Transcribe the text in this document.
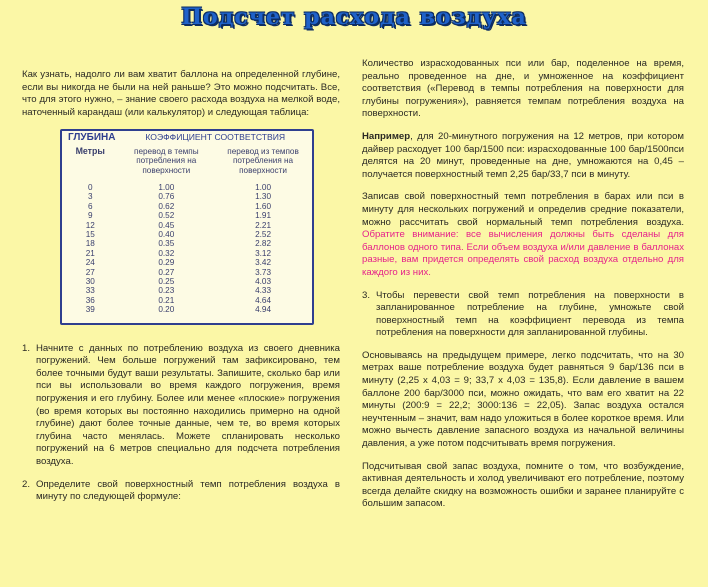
Подсчет расхода воздуха

Как узнать, надолго ли вам хватит баллона на определенной глубине, если вы никогда не были на ней раньше? Это можно подсчитать. Все, что для этого нужно, – знание своего расхода воздуха на мелкой воде, наточенный карандаш (или калькулятор) и следующая таблица:

ГЛУБИНА	КОЭФФИЦИЕНТ СООТВЕТСТВИЯ	
Метры	перевод в темпы потребления на поверхности	перевод из темпов потребления на поверхности
0	1.00	1.00
3	0.76	1.30
6	0.62	1.60
9	0.52	1.91
12	0.45	2.21
15	0.40	2.52
18	0.35	2.82
21	0.32	3.12
24	0.29	3.42
27	0.27	3.73
30	0.25	4.03
33	0.23	4.33
36	0.21	4.64
39	0.20	4.94
1. Начните с данных по потреблению воздуха из своего дневника погружений. Чем больше погружений там зафиксировано, тем более точными будут ваши результаты. Запишите, сколько бар или пси вы использовали во время каждого погружения, время погружения и его глубину. Более или менее «плоские» погружения (во время которых вы постоянно находились примерно на одной глубине) дают более точные данные, чем те, во время которых глубина часто менялась. Можете спланировать несколько погружений на 6 метров специально для подсчета потребления воздуха.
2. Определите свой поверхностный темп потребления воздуха в минуту по следующей формуле:

Количество израсходованных пси или бар, поделенное на время, реально проведенное на дне, и умноженное на коэффициент соответствия («Перевод в темпы потребления на поверхности для глубины погружения»), равняется темпам потребления воздуха на поверхности.

Например, для 20-минутного погружения на 12 метров, при котором дайвер расходует 100 бар/1500 пси: израсходованные 100 бар/1500пси делятся на 20 минут, проведенные на дне, умножаются на 0,45 – получается поверхностный темп 2,25 бар/33,7 пси в минуту.

Записав свой поверхностный темп потребления в барах или пси в минуту для нескольких погружений и определив средние показатели, можно рассчитать свой нормальный темп потребления воздуха. Обратите внимание: все вычисления должны быть сделаны для баллонов одного типа. Если объем воздуха и/или давление в баллонах разные, вам придется определять свой расход воздуха отдельно для каждого из них.

3. Чтобы перевести свой темп потребления на поверхности в запланированное потребление на глубине, умножьте свой поверхностный темп на коэффициент перевода из темпа потребления на поверхности для запланированной глубины.

Основываясь на предыдущем примере, легко подсчитать, что на 30 метрах ваше потребление воздуха будет равняться 9 бар/136 пси в минуту (2,25 x 4,03 = 9; 33,7 x 4,03 = 135,8). Если давление в вашем баллоне 200 бар/3000 пси, можно ожидать, что вам его хватит на 22 минуты (200:9 = 22,2; 3000:136 = 22,05). Запас воздуха остался неучтенным – значит, вам надо уложиться в более короткое время. Или можно вычесть давление запасного воздуха из начальной величины давления, а уже потом подсчитывать время погружения.

Подсчитывая свой запас воздуха, помните о том, что возбуждение, активная деятельность и холод увеличивают его потребление, поэтому всегда делайте скидку на возможность ошибки и заранее планируйте с большим запасом.
